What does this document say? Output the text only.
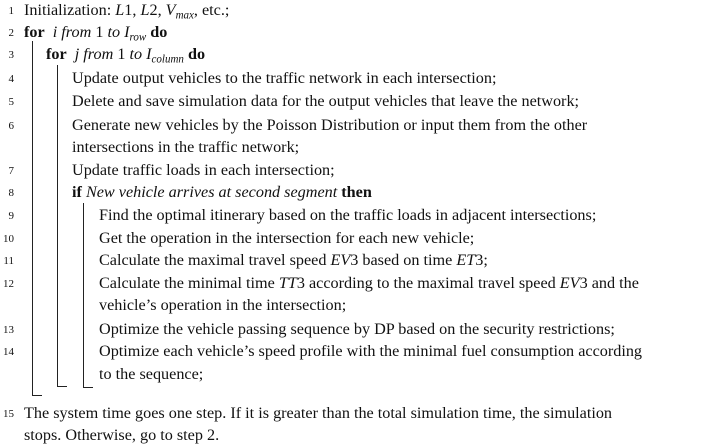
1 Initialization: L1, L2, $V_{max}$, etc.;
2 for i from 1 to $I_{row}$ do
3 for j from 1 to $I_{column}$ do
4	Update output vehicles to the traffic network in each intersection;
5	Delete and save simulation data for the output vehicles that leave the network;
6	Generate new vehicles by the Poisson Distribution or input them from the other
intersections in the traffic network;
7	Update traffic loads in each intersection;
8	if New vehicle arrives at second segment then
9	Find the optimal itinerary based on the traffic loads in adjacent intersections;
10	Get the operation in the intersection for each new vehicle;
11	Calculate the maximal travel speed EV3 based on time ET3;
12	Calculate the minimal time TT3 according to the maximal travel speed EV3 and the
vehicle’s operation in the intersection;
13	Optimize the vehicle passing sequence by DP based on the security restrictions;
14	Optimize each vehicle’s speed profile with the minimal fuel consumption according
to the sequence;
15 The system time goes one step. If it is greater than the total simulation time, the simulation
stops. Otherwise, go to step 2.
